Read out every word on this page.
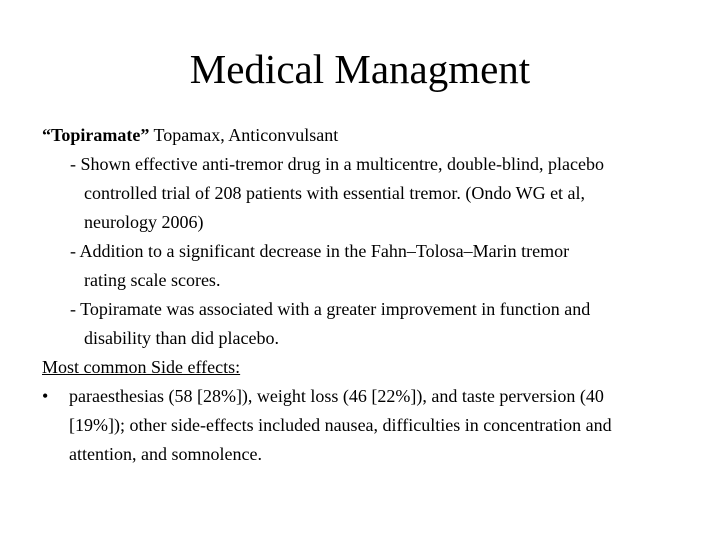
Medical Managment
“Topiramate” Topamax, Anticonvulsant
- Shown effective anti-tremor drug in a multicentre, double-blind, placebo
controlled trial of 208 patients with essential tremor. (Ondo WG et al,
neurology 2006)
- Addition to a significant decrease in the Fahn–Tolosa–Marin tremor
rating scale scores.
- Topiramate was associated with a greater improvement in function and
disability than did placebo.
Most common Side effects:
• paraesthesias (58 [28%]), weight loss (46 [22%]), and taste perversion (40
[19%]); other side-effects included nausea, difficulties in concentration and
attention, and somnolence.
